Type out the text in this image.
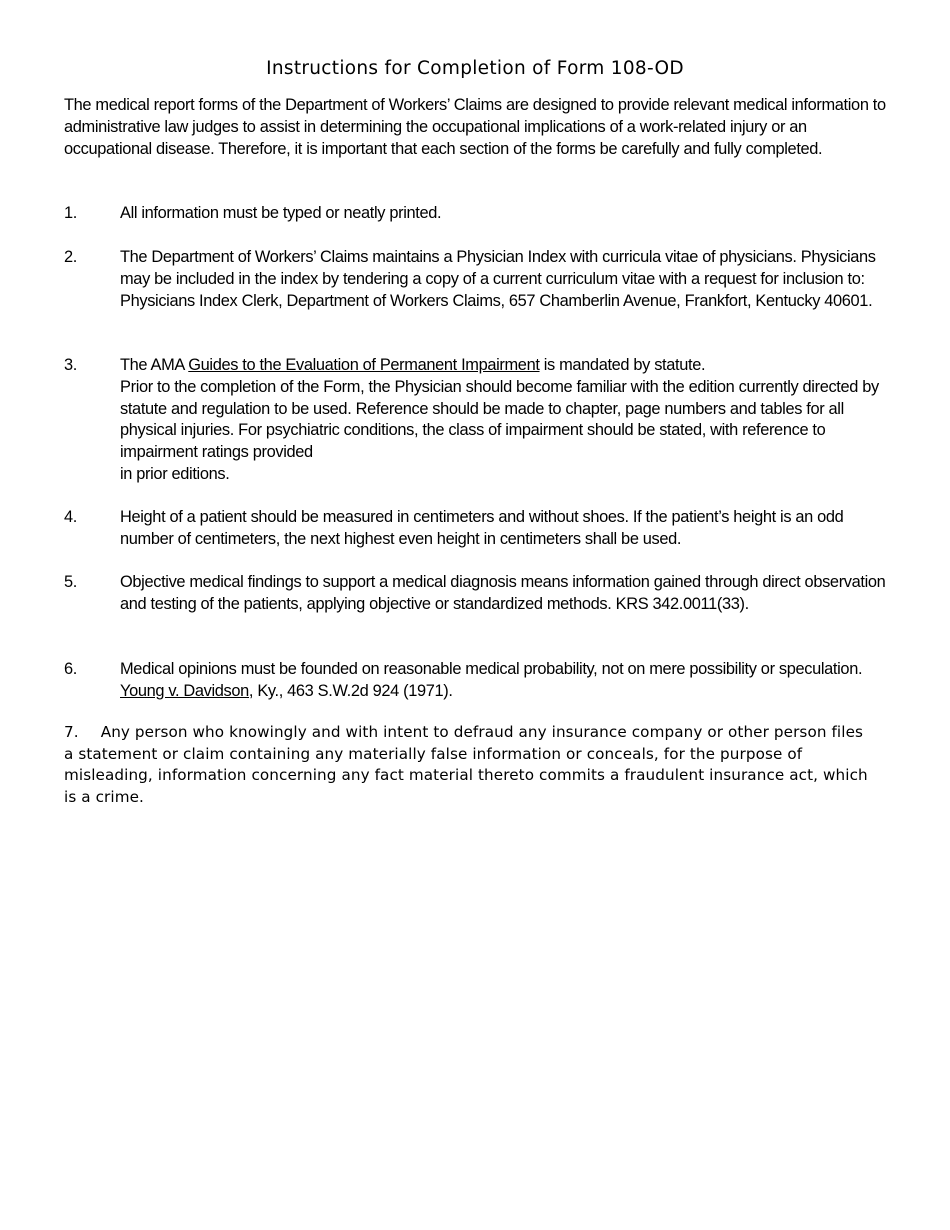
Instructions for Completion of Form 108-OD
The medical report forms of the Department of Workers’ Claims are designed to provide relevant medical information to administrative law judges to assist in determining the occupational implications of a work-related injury or an occupational disease. Therefore, it is important that each section of the forms be carefully and fully completed.
1.	All information must be typed or neatly printed.
2.	The Department of Workers’ Claims maintains a Physician Index with curricula vitae of physicians. Physicians may be included in the index by tendering a copy of a current curriculum vitae with a request for inclusion to: Physicians Index Clerk, Department of Workers Claims, 657 Chamberlin Avenue, Frankfort, Kentucky 40601.
3.	The AMA Guides to the Evaluation of Permanent Impairment is mandated by statute.
Prior to the completion of the Form, the Physician should become familiar with the edition currently directed by statute and regulation to be used. Reference should be made to chapter, page numbers and tables for all physical injuries. For psychiatric conditions, the class of impairment should be stated, with reference to impairment ratings provided
in prior editions.
4.	Height of a patient should be measured in centimeters and without shoes. If the patient’s height is an odd number of centimeters, the next highest even height in centimeters shall be used.
5.	Objective medical findings to support a medical diagnosis means information gained through direct observation and testing of the patients, applying objective or standardized methods. KRS 342.0011(33).
6.	Medical opinions must be founded on reasonable medical probability, not on mere possibility or speculation. Young v. Davidson, Ky., 463 S.W.2d 924 (1971).
7. Any person who knowingly and with intent to defraud any insurance company or other person files a statement or claim containing any materially false information or conceals, for the purpose of misleading, information concerning any fact material thereto commits a fraudulent insurance act, which is a crime.
